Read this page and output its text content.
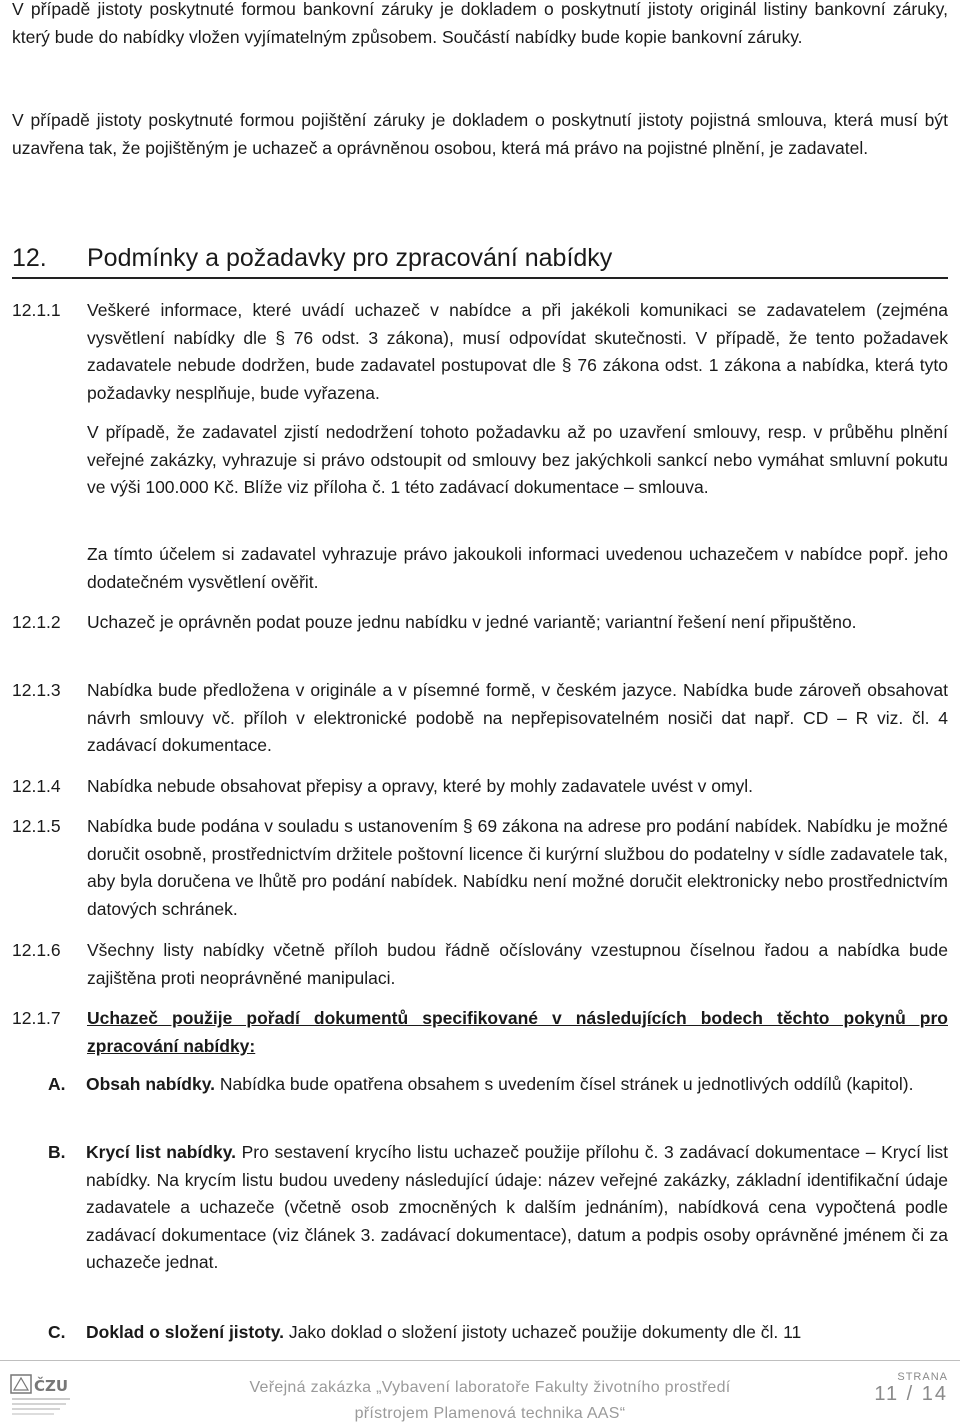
V případě jistoty poskytnuté formou bankovní záruky je dokladem o poskytnutí jistoty originál listiny bankovní záruky, který bude do nabídky vložen vyjímatelným způsobem. Součástí nabídky bude kopie bankovní záruky.
V případě jistoty poskytnuté formou pojištění záruky je dokladem o poskytnutí jistoty pojistná smlouva, která musí být uzavřena tak, že pojištěným je uchazeč a oprávněnou osobou, která má právo na pojistné plnění, je zadavatel.
12. Podmínky a požadavky pro zpracování nabídky
12.1.1	Veškeré informace, které uvádí uchazeč v nabídce a při jakékoli komunikaci se zadavatelem (zejména vysvětlení nabídky dle § 76 odst. 3 zákona), musí odpovídat skutečnosti. V případě, že tento požadavek zadavatele nebude dodržen, bude zadavatel postupovat dle § 76 zákona odst. 1 zákona a nabídka, která tyto požadavky nesplňuje, bude vyřazena.
V případě, že zadavatel zjistí nedodržení tohoto požadavku až po uzavření smlouvy, resp. v průběhu plnění veřejné zakázky, vyhrazuje si právo odstoupit od smlouvy bez jakýchkoli sankcí nebo vymáhat smluvní pokutu ve výši 100.000 Kč. Blíže viz příloha č. 1 této zadávací dokumentace – smlouva.
Za tímto účelem si zadavatel vyhrazuje právo jakoukoli informaci uvedenou uchazečem v nabídce popř. jeho dodatečném vysvětlení ověřit.
12.1.2	Uchazeč je oprávněn podat pouze jednu nabídku v jedné variantě; variantní řešení není připuštěno.
12.1.3	Nabídka bude předložena v originále a v písemné formě, v českém jazyce. Nabídka bude zároveň obsahovat návrh smlouvy vč. příloh v elektronické podobě na nepřepisovatelném nosiči dat např. CD – R viz. čl. 4 zadávací dokumentace.
12.1.4	Nabídka nebude obsahovat přepisy a opravy, které by mohly zadavatele uvést v omyl.
12.1.5	Nabídka bude podána v souladu s ustanovením § 69 zákona na adrese pro podání nabídek. Nabídku je možné doručit osobně, prostřednictvím držitele poštovní licence či kurýrní službou do podatelny v sídle zadavatele tak, aby byla doručena ve lhůtě pro podání nabídek. Nabídku není možné doručit elektronicky nebo prostřednictvím datových schránek.
12.1.6	Všechny listy nabídky včetně příloh budou řádně očíslovány vzestupnou číselnou řadou a nabídka bude zajištěna proti neoprávněné manipulaci.
12.1.7	Uchazeč použije pořadí dokumentů specifikované v následujících bodech těchto pokynů pro zpracování nabídky:
A. Obsah nabídky. Nabídka bude opatřena obsahem s uvedením čísel stránek u jednotlivých oddílů (kapitol).
B. Krycí list nabídky. Pro sestavení krycího listu uchazeč použije přílohu č. 3 zadávací dokumentace – Krycí list nabídky. Na krycím listu budou uvedeny následující údaje: název veřejné zakázky, základní identifikační údaje zadavatele a uchazeče (včetně osob zmocněných k dalším jednáním), nabídková cena vypočtená podle zadávací dokumentace (viz článek 3. zadávací dokumentace), datum a podpis osoby oprávněné jménem či za uchazeče jednat.
C. Doklad o složení jistoty. Jako doklad o složení jistoty uchazeč použije dokumenty dle čl. 11
ČZU	Veřejná zakázka „Vybavení laboratoře Fakulty životního prostředí
přístrojem Plamenová technika AAS“
STRANA
11 / 14
